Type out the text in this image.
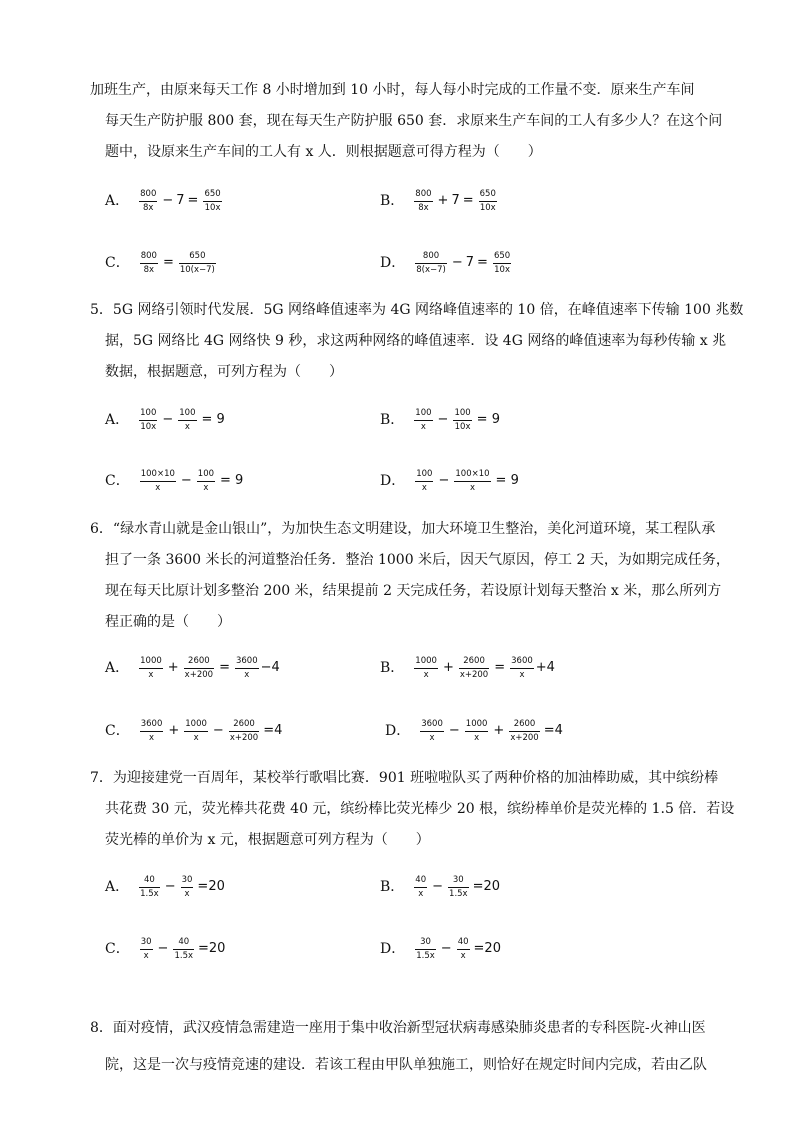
加班生产，由原来每天工作 8 小时增加到 10 小时，每人每小时完成的工作量不变．原来生产车间
每天生产防护服 800 套，现在每天生产防护服 650 套．求原来生产车间的工人有多少人？在这个问
题中，设原来生产车间的工人有 x 人．则根据题意可得方程为（　　）
A． $\frac{800}{8x} - 7 = \frac{650}{10x}$	B． $\frac{800}{8x} + 7 = \frac{650}{10x}$
C． $\frac{800}{8x} = \frac{650}{10(x-7)}$	D． $\frac{800}{8(x-7)} - 7 = \frac{650}{10x}$
5．5G 网络引领时代发展．5G 网络峰值速率为 4G 网络峰值速率的 10 倍，在峰值速率下传输 100 兆数
据，5G 网络比 4G 网络快 9 秒，求这两种网络的峰值速率．设 4G 网络的峰值速率为每秒传输 x 兆
数据，根据题意，可列方程为（　　）
A． $\frac{100}{10x} - \frac{100}{x} = 9$	B． $\frac{100}{x} - \frac{100}{10x} = 9$
C． $\frac{100\times 10}{x} - \frac{100}{x} = 9$	D． $\frac{100}{x} - \frac{100\times 10}{x} = 9$
6．“绿水青山就是金山银山”，为加快生态文明建设，加大环境卫生整治，美化河道环境，某工程队承
担了一条 3600 米长的河道整治任务．整治 1000 米后，因天气原因，停工 2 天，为如期完成任务，
现在每天比原计划多整治 200 米，结果提前 2 天完成任务，若设原计划每天整治 x 米，那么所列方
程正确的是（　　）
A． $\frac{1000}{x} + \frac{2600}{x+200} = \frac{3600}{x} -4$	B． $\frac{1000}{x} + \frac{2600}{x+200} = \frac{3600}{x} +4$
C． $\frac{3600}{x} + \frac{1000}{x} - \frac{2600}{x+200} =4$	D． $\frac{3600}{x} - \frac{1000}{x} + \frac{2600}{x+200} =4$
7．为迎接建党一百周年，某校举行歌唱比赛．901 班啦啦队买了两种价格的加油棒助威，其中缤纷棒
共花费 30 元，荧光棒共花费 40 元，缤纷棒比荧光棒少 20 根，缤纷棒单价是荧光棒的 1.5 倍．若设
荧光棒的单价为 x 元，根据题意可列方程为（　　）
A． $\frac{40}{1.5x} - \frac{30}{x} =20$	B． $\frac{40}{x} - \frac{30}{1.5x} =20$
C． $\frac{30}{x} - \frac{40}{1.5x} =20$	D． $\frac{30}{1.5x} - \frac{40}{x} =20$
8．面对疫情，武汉疫情急需建造一座用于集中收治新型冠状病毒感染肺炎患者的专科医院-火神山医
院，这是一次与疫情竞速的建设．若该工程由甲队单独施工，则恰好在规定时间内完成，若由乙队
